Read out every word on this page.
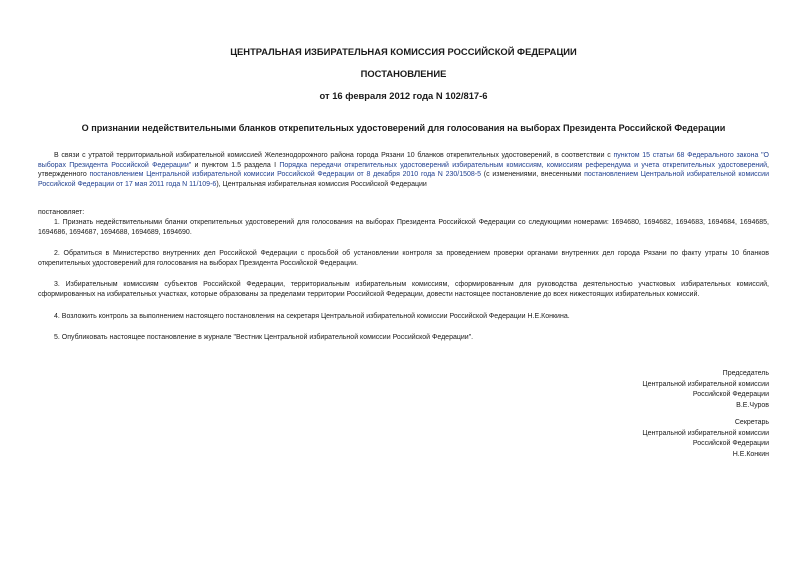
ЦЕНТРАЛЬНАЯ ИЗБИРАТЕЛЬНАЯ КОМИССИЯ РОССИЙСКОЙ ФЕДЕРАЦИИ
ПОСТАНОВЛЕНИЕ
от 16 февраля 2012 года N 102/817-6
О признании недействительными бланков открепительных удостоверений для голосования на выборах Президента Российской Федерации

В связи с утратой территориальной избирательной комиссией Железнодорожного района города Рязани 10 бланков открепительных удостоверений, в соответствии с пунктом 15 статьи 68 Федерального закона "О выборах Президента Российской Федерации" и пунктом 1.5 раздела I Порядка передачи открепительных удостоверений избирательным комиссиям, комиссиям референдума и учета открепительных удостоверений, утвержденного постановлением Центральной избирательной комиссии Российской Федерации от 8 декабря 2010 года N 230/1508-5 (с изменениями, внесенными постановлением Центральной избирательной комиссии Российской Федерации от 17 мая 2011 года N 11/109-6), Центральная избирательная комиссия Российской Федерации

постановляет:

1. Признать недействительными бланки открепительных удостоверений для голосования на выборах Президента Российской Федерации со следующими номерами: 1694680, 1694682, 1694683, 1694684, 1694685, 1694686, 1694687, 1694688, 1694689, 1694690.

2. Обратиться в Министерство внутренних дел Российской Федерации с просьбой об установлении контроля за проведением проверки органами внутренних дел города Рязани по факту утраты 10 бланков открепительных удостоверений для голосования на выборах Президента Российской Федерации.

3. Избирательным комиссиям субъектов Российской Федерации, территориальным избирательным комиссиям, сформированным для руководства деятельностью участковых избирательных комиссий, сформированных на избирательных участках, которые образованы за пределами территории Российской Федерации, довести настоящее постановление до всех нижестоящих избирательных комиссий.

4. Возложить контроль за выполнением настоящего постановления на секретаря Центральной избирательной комиссии Российской Федерации Н.Е.Конкина.

5. Опубликовать настоящее постановление в журнале "Вестник Центральной избирательной комиссии Российской Федерации".

Председатель
Центральной избирательной комиссии
Российской Федерации
В.Е.Чуров
Секретарь
Центральной избирательной комиссии
Российской Федерации
Н.Е.Конкин
